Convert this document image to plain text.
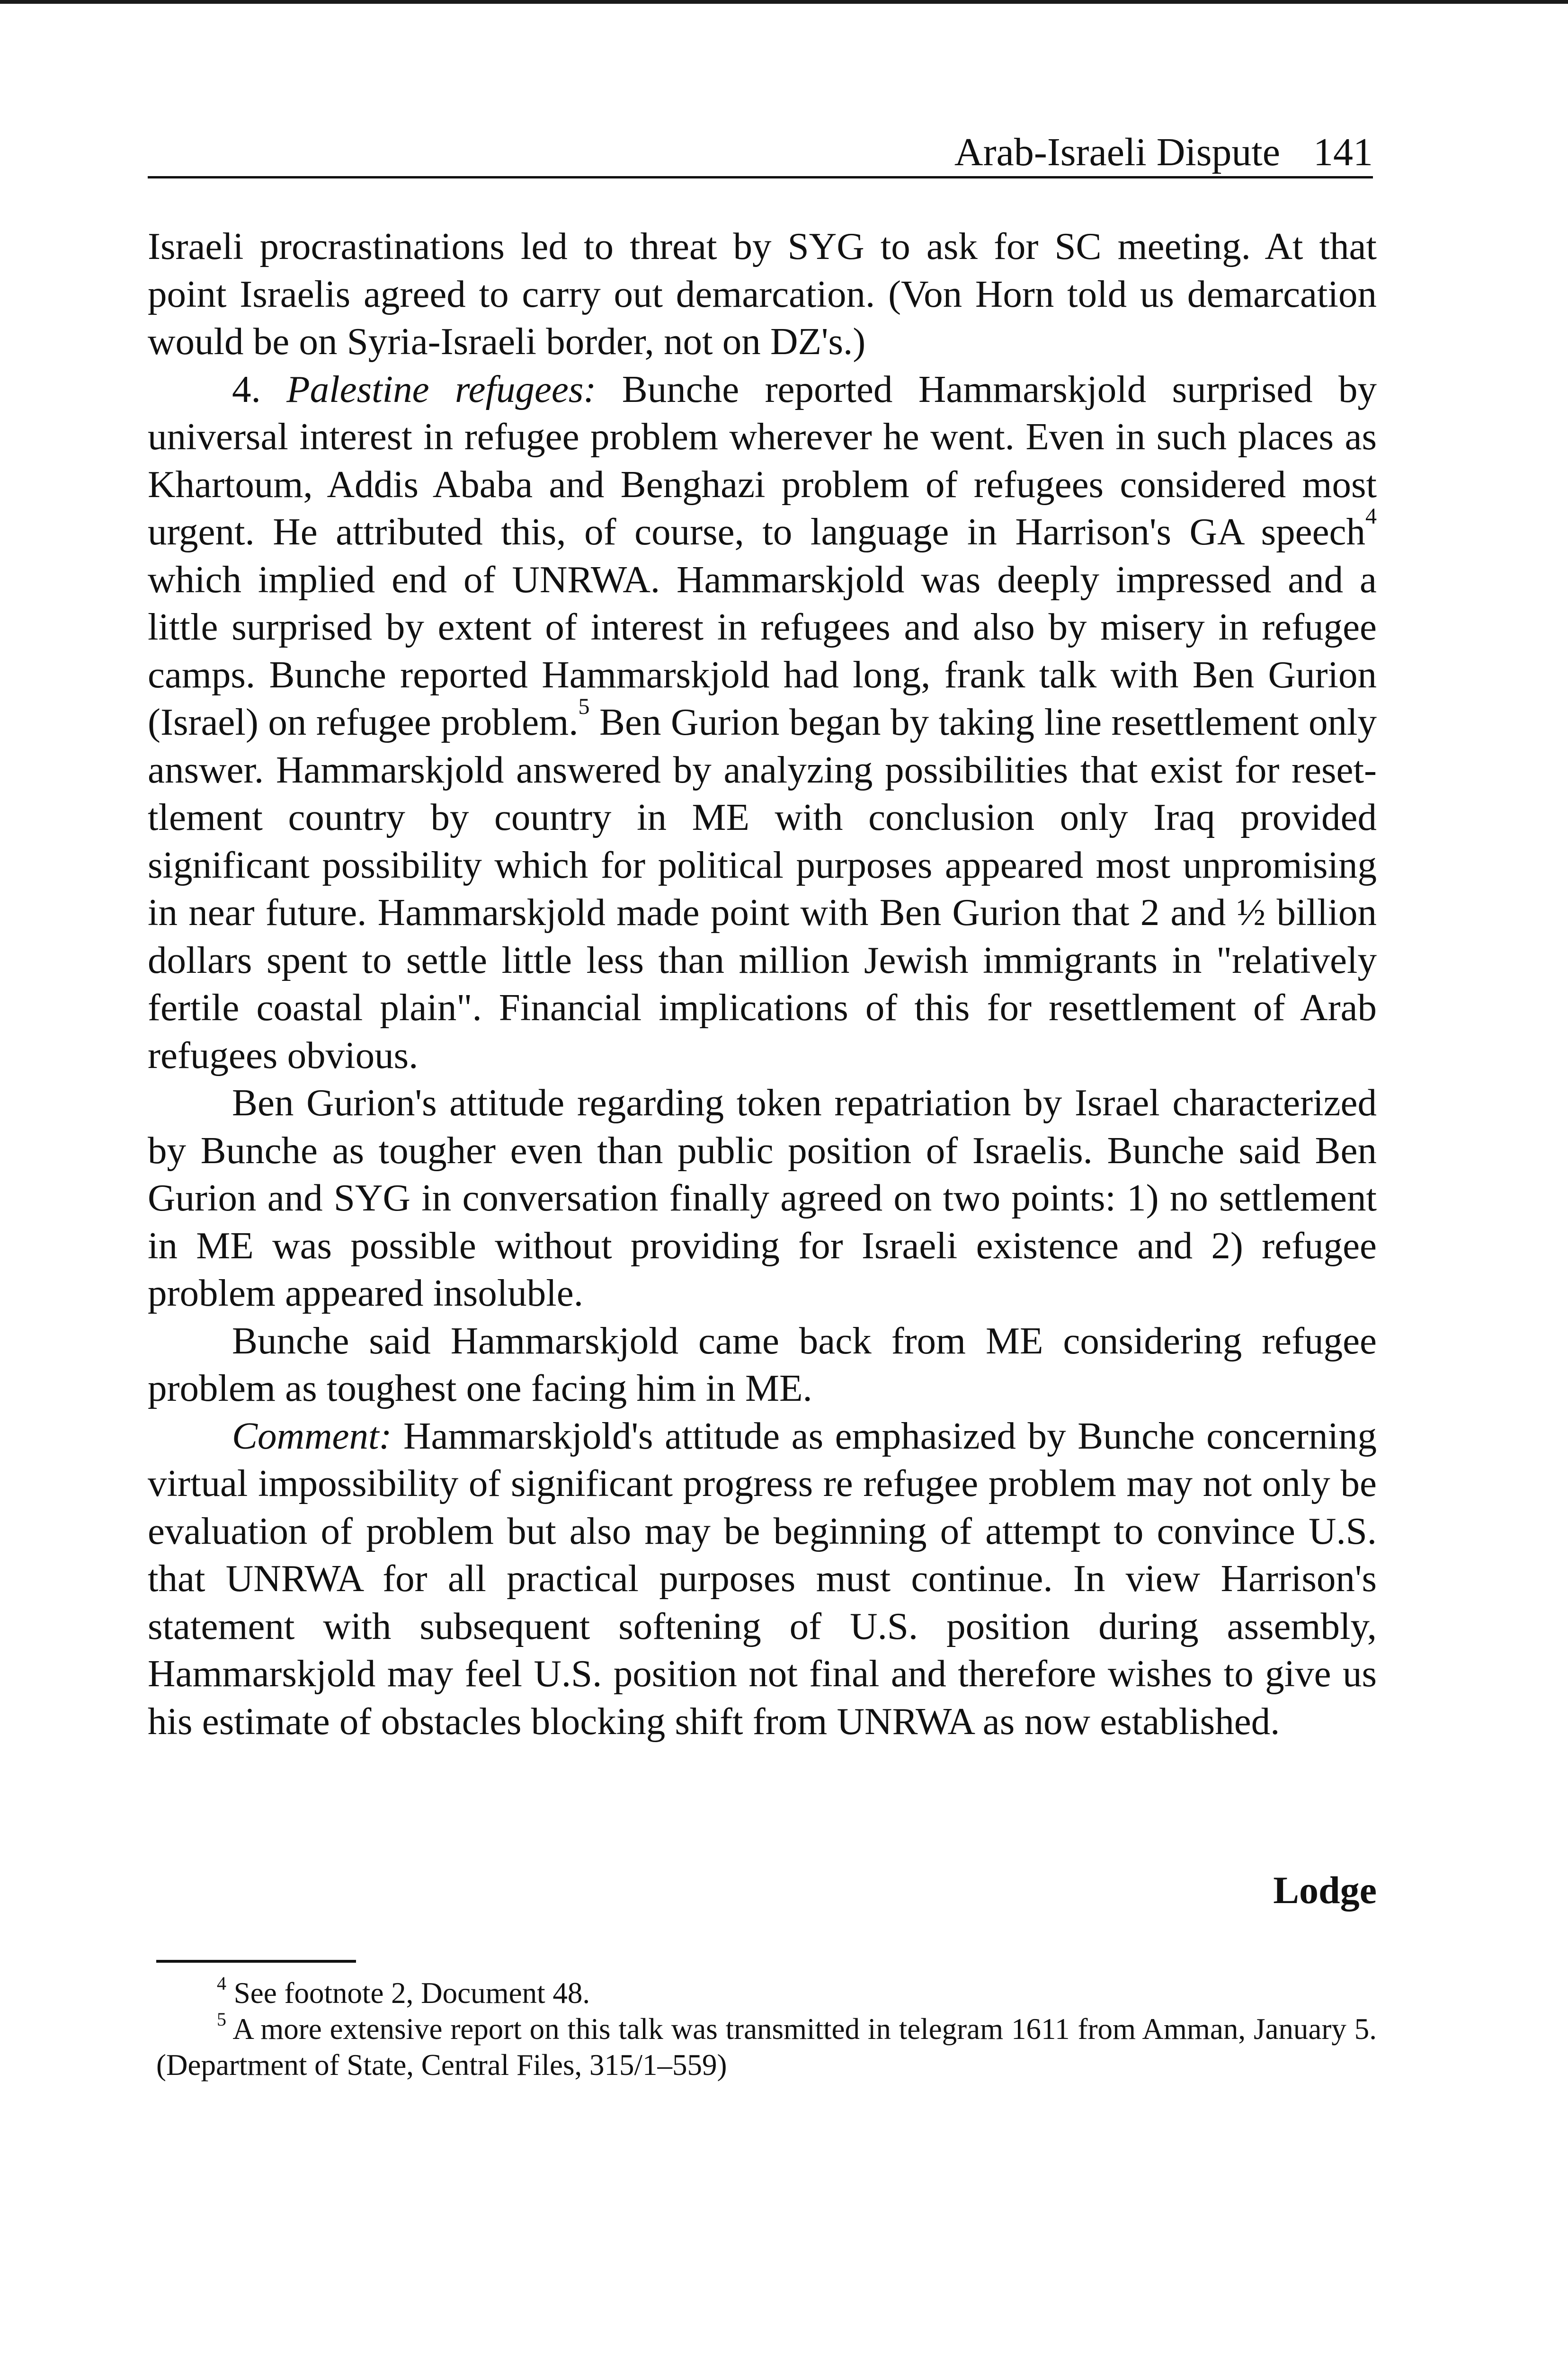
Arab-Israeli Dispute 141

Israeli procrastinations led to threat by SYG to ask for SC meeting. At that point Israelis agreed to carry out demarcation. (Von Horn told us demarcation would be on Syria-Israeli border, not on DZ's.)

4. Palestine refugees: Bunche reported Hammarskjold surprised by universal interest in refugee problem wherever he went. Even in such places as Khartoum, Addis Ababa and Benghazi problem of refugees considered most urgent. He attributed this, of course, to language in Harrison's GA speech$^4$ which implied end of UNRWA. Hammarskjold was deeply impressed and a little surprised by extent of interest in refugees and also by misery in refugee camps. Bunche reported Hammarskjold had long, frank talk with Ben Gurion (Israel) on refugee problem.$^5$ Ben Gurion began by taking line resettlement only answer. Hammarskjold answered by analyzing possibilities that exist for resettlement country by country in ME with conclusion only Iraq provided significant possibility which for political purposes appeared most unpromising in near future. Hammarskjold made point with Ben Gurion that 2 and ½ billion dollars spent to settle little less than million Jewish immigrants in "relatively fertile coastal plain". Financial implications of this for resettlement of Arab refugees obvious.

Ben Gurion's attitude regarding token repatriation by Israel characterized by Bunche as tougher even than public position of Israelis. Bunche said Ben Gurion and SYG in conversation finally agreed on two points: 1) no settlement in ME was possible without providing for Israeli existence and 2) refugee problem appeared insoluble.

Bunche said Hammarskjold came back from ME considering refugee problem as toughest one facing him in ME.

Comment: Hammarskjold's attitude as emphasized by Bunche concerning virtual impossibility of significant progress re refugee problem may not only be evaluation of problem but also may be beginning of attempt to convince U.S. that UNRWA for all practical purposes must continue. In view Harrison's statement with subsequent softening of U.S. position during assembly, Hammarskjold may feel U.S. position not final and therefore wishes to give us his estimate of obstacles blocking shift from UNRWA as now established.

Lodge

$^4$ See footnote 2, Document 48.

$^5$ A more extensive report on this talk was transmitted in telegram 1611 from Amman, January 5. (Department of State, Central Files, 315/1–559)
